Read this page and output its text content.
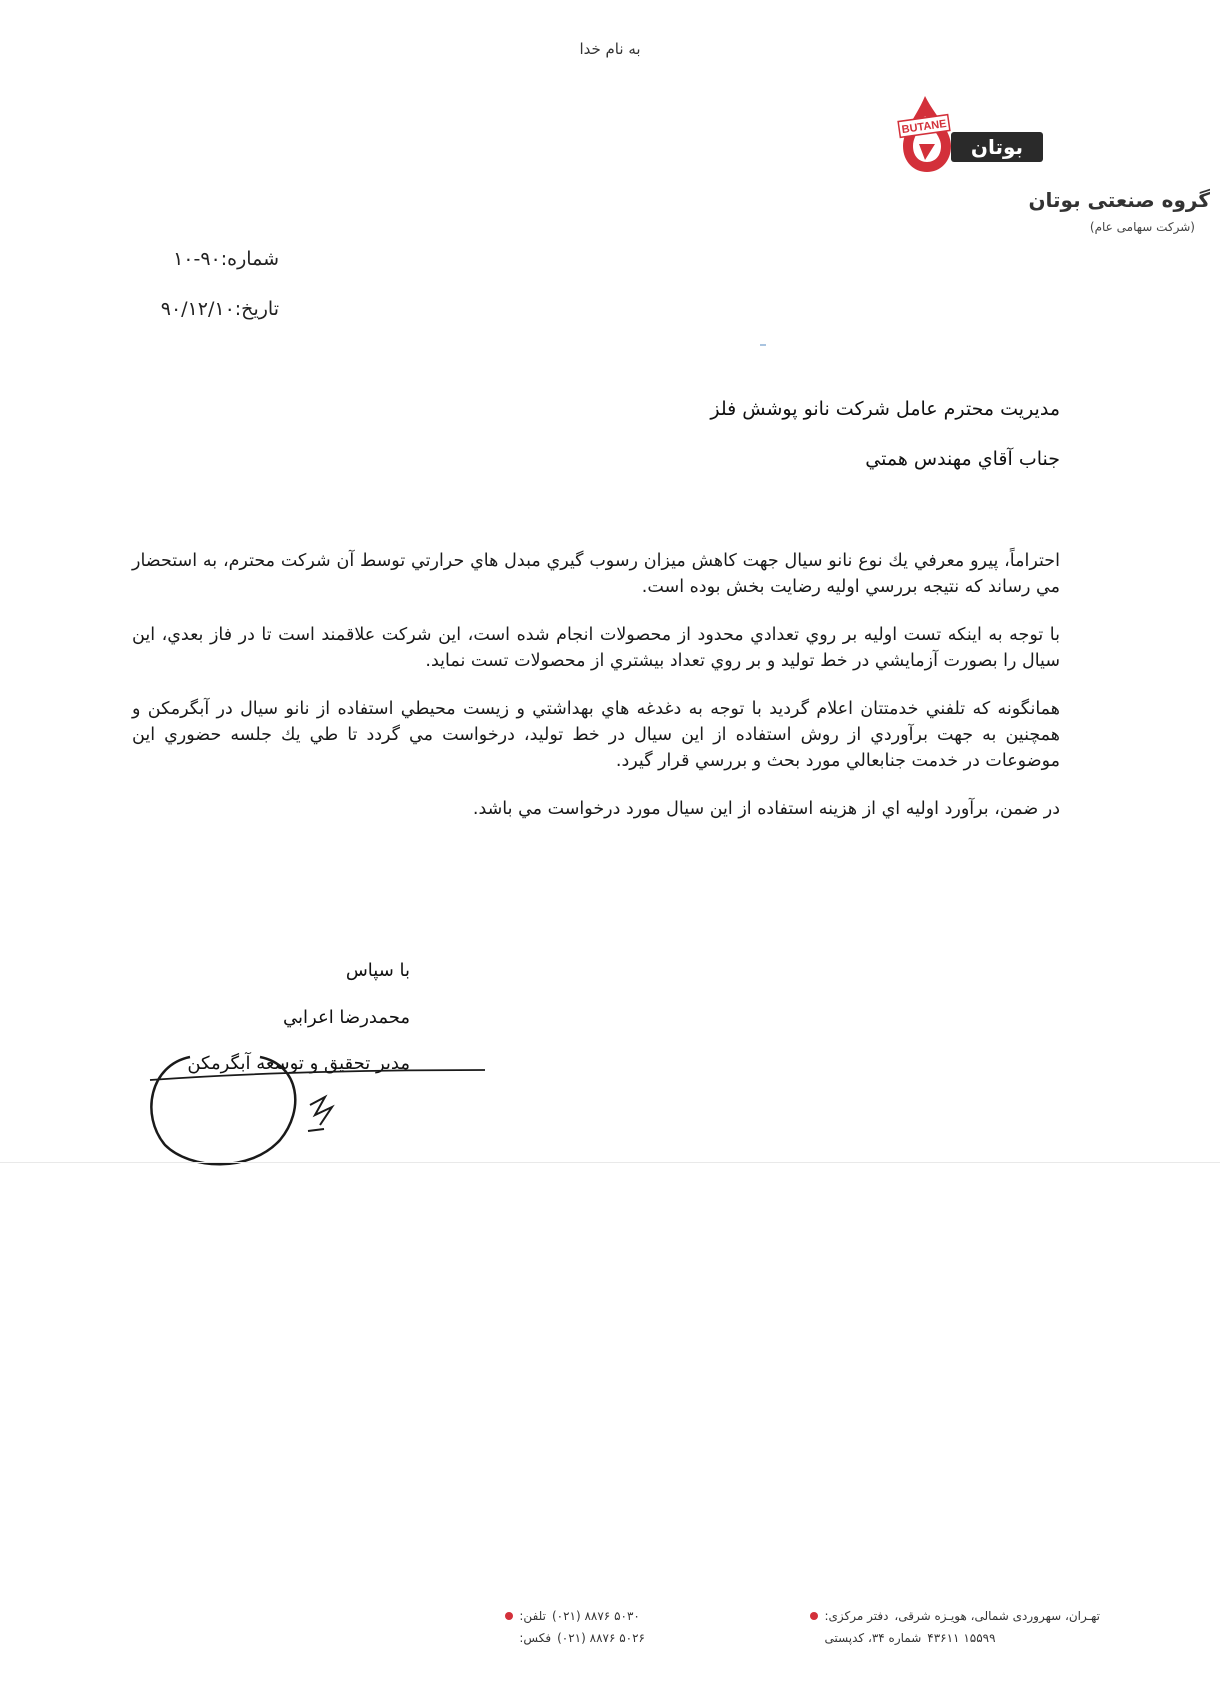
به نام خدا
BUTANE
بوتان
گروه صنعتی بوتان
(شرکت سهامی عام)
شماره:۹۰-۱۰
تاریخ:۹۰/۱۲/۱۰
مديريت محترم عامل شركت نانو پوشش فلز
جناب آقاي مهندس همتي

احتراماً، پيرو معرفي يك نوع نانو سيال جهت كاهش ميزان رسوب گيري مبدل هاي حرارتي توسط آن شركت محترم، به استحضار مي رساند كه نتيجه بررسي اوليه رضايت بخش بوده است.

با توجه به اينكه تست اوليه بر روي تعدادي محدود از محصولات انجام شده است، اين شركت علاقمند است تا در فاز بعدي، اين سيال را بصورت آزمايشي در خط توليد و بر روي تعداد بيشتري از محصولات تست نمايد.

همانگونه كه تلفني خدمتتان اعلام گرديد با توجه به دغدغه هاي بهداشتي و زيست محيطي استفاده از نانو سيال در آبگرمكن و همچنين به جهت برآوردي از روش استفاده از اين سيال در خط توليد، درخواست مي گردد تا طي يك جلسه حضوري اين موضوعات در خدمت جنابعالي مورد بحث و بررسي قرار گيرد.

در ضمن، برآورد اوليه اي از هزينه استفاده از اين سيال مورد درخواست مي باشد.

با سپاس
محمدرضا اعرابي
مدير تحقيق و توسعه آبگرمكن
دفتر مرکزی: تهـران، سهروردی شمالی، هویـزه شرقی،
شماره ۳۴، کدپستی ۱۵۵۹۹ ۴۳۶۱۱
تلفن: (۰۲۱) ۸۸۷۶ ۵۰۳۰
فکس: (۰۲۱) ۸۸۷۶ ۵۰۲۶
